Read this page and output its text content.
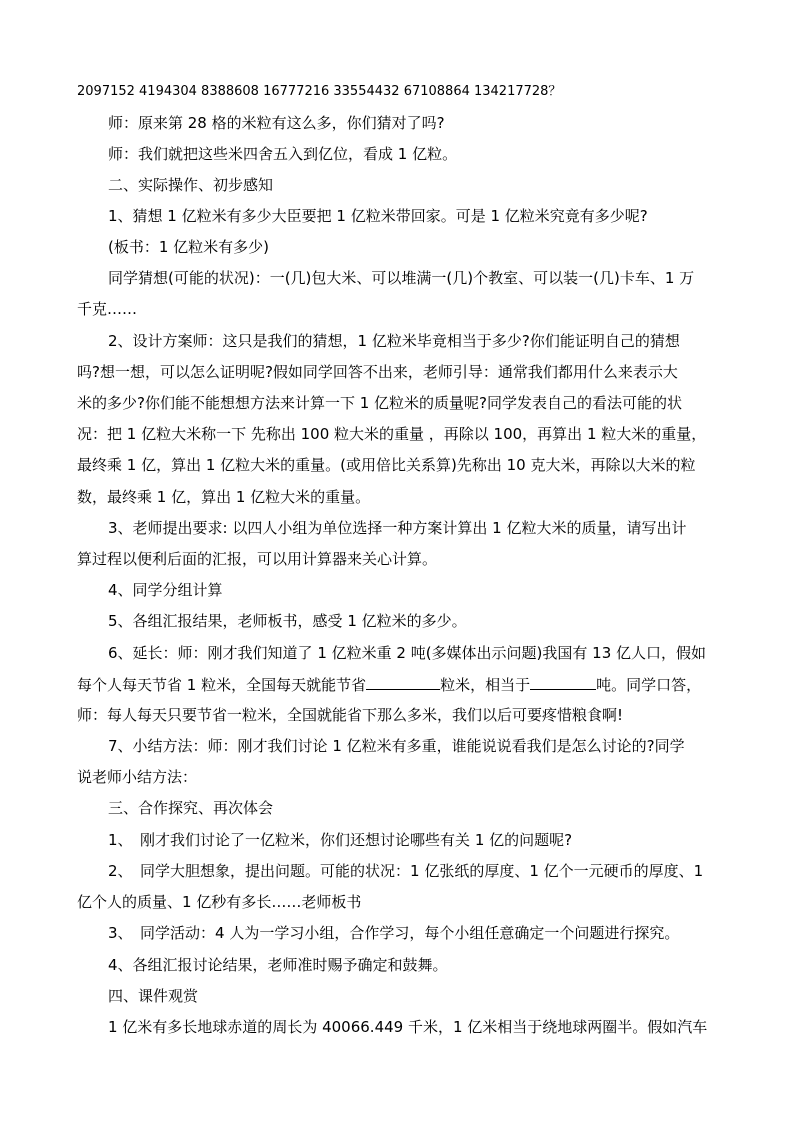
2097152 4194304 8388608 16777216 33554432 67108864 134217728？
师：原来第 28 格的米粒有这么多，你们猜对了吗?
师：我们就把这些米四舍五入到亿位，看成 1 亿粒。
二、实际操作、初步感知
1、猜想 1 亿粒米有多少大臣要把 1 亿粒米带回家。可是 1 亿粒米究竟有多少呢?
(板书：1 亿粒米有多少)
同学猜想(可能的状况)：一(几)包大米、可以堆满一(几)个教室、可以装一(几)卡车、1 万
千克……
2、设计方案师：这只是我们的猜想，1 亿粒米毕竟相当于多少?你们能证明自己的猜想
吗?想一想，可以怎么证明呢?假如同学回答不出来，老师引导：通常我们都用什么来表示大
米的多少?你们能不能想想方法来计算一下 1 亿粒米的质量呢?同学发表自己的看法可能的状
况：把 1 亿粒大米称一下 先称出 100 粒大米的重量 ，再除以 100，再算出 1 粒大米的重量，
最终乘 1 亿，算出 1 亿粒大米的重量。(或用倍比关系算)先称出 10 克大米，再除以大米的粒
数，最终乘 1 亿，算出 1 亿粒大米的重量。
3、老师提出要求: 以四人小组为单位选择一种方案计算出 1 亿粒大米的质量，请写出计
算过程以便利后面的汇报，可以用计算器来关心计算。
4、同学分组计算
5、各组汇报结果，老师板书，感受 1 亿粒米的多少。
6、延长：师：刚才我们知道了 1 亿粒米重 2 吨(多媒体出示问题)我国有 13 亿人口，假如
每个人每天节省 1 粒米，全国每天就能节省	粒米，相当于	吨。同学口答，
师：每人每天只要节省一粒米，全国就能省下那么多米，我们以后可要疼惜粮食啊!
7、小结方法：师：刚才我们讨论 1 亿粒米有多重，谁能说说看我们是怎么讨论的?同学
说老师小结方法：
三、合作探究、再次体会
1、　刚才我们讨论了一亿粒米，你们还想讨论哪些有关 1 亿的问题呢?
2、　同学大胆想象，提出问题。可能的状况：1 亿张纸的厚度、1 亿个一元硬币的厚度、1
亿个人的质量、1 亿秒有多长……老师板书
3、　同学活动：4 人为一学习小组，合作学习，每个小组任意确定一个问题进行探究。
4、各组汇报讨论结果，老师准时赐予确定和鼓舞。
四、课件观赏
1 亿米有多长地球赤道的周长为 40066.449 千米，1 亿米相当于绕地球两圈半。假如汽车
